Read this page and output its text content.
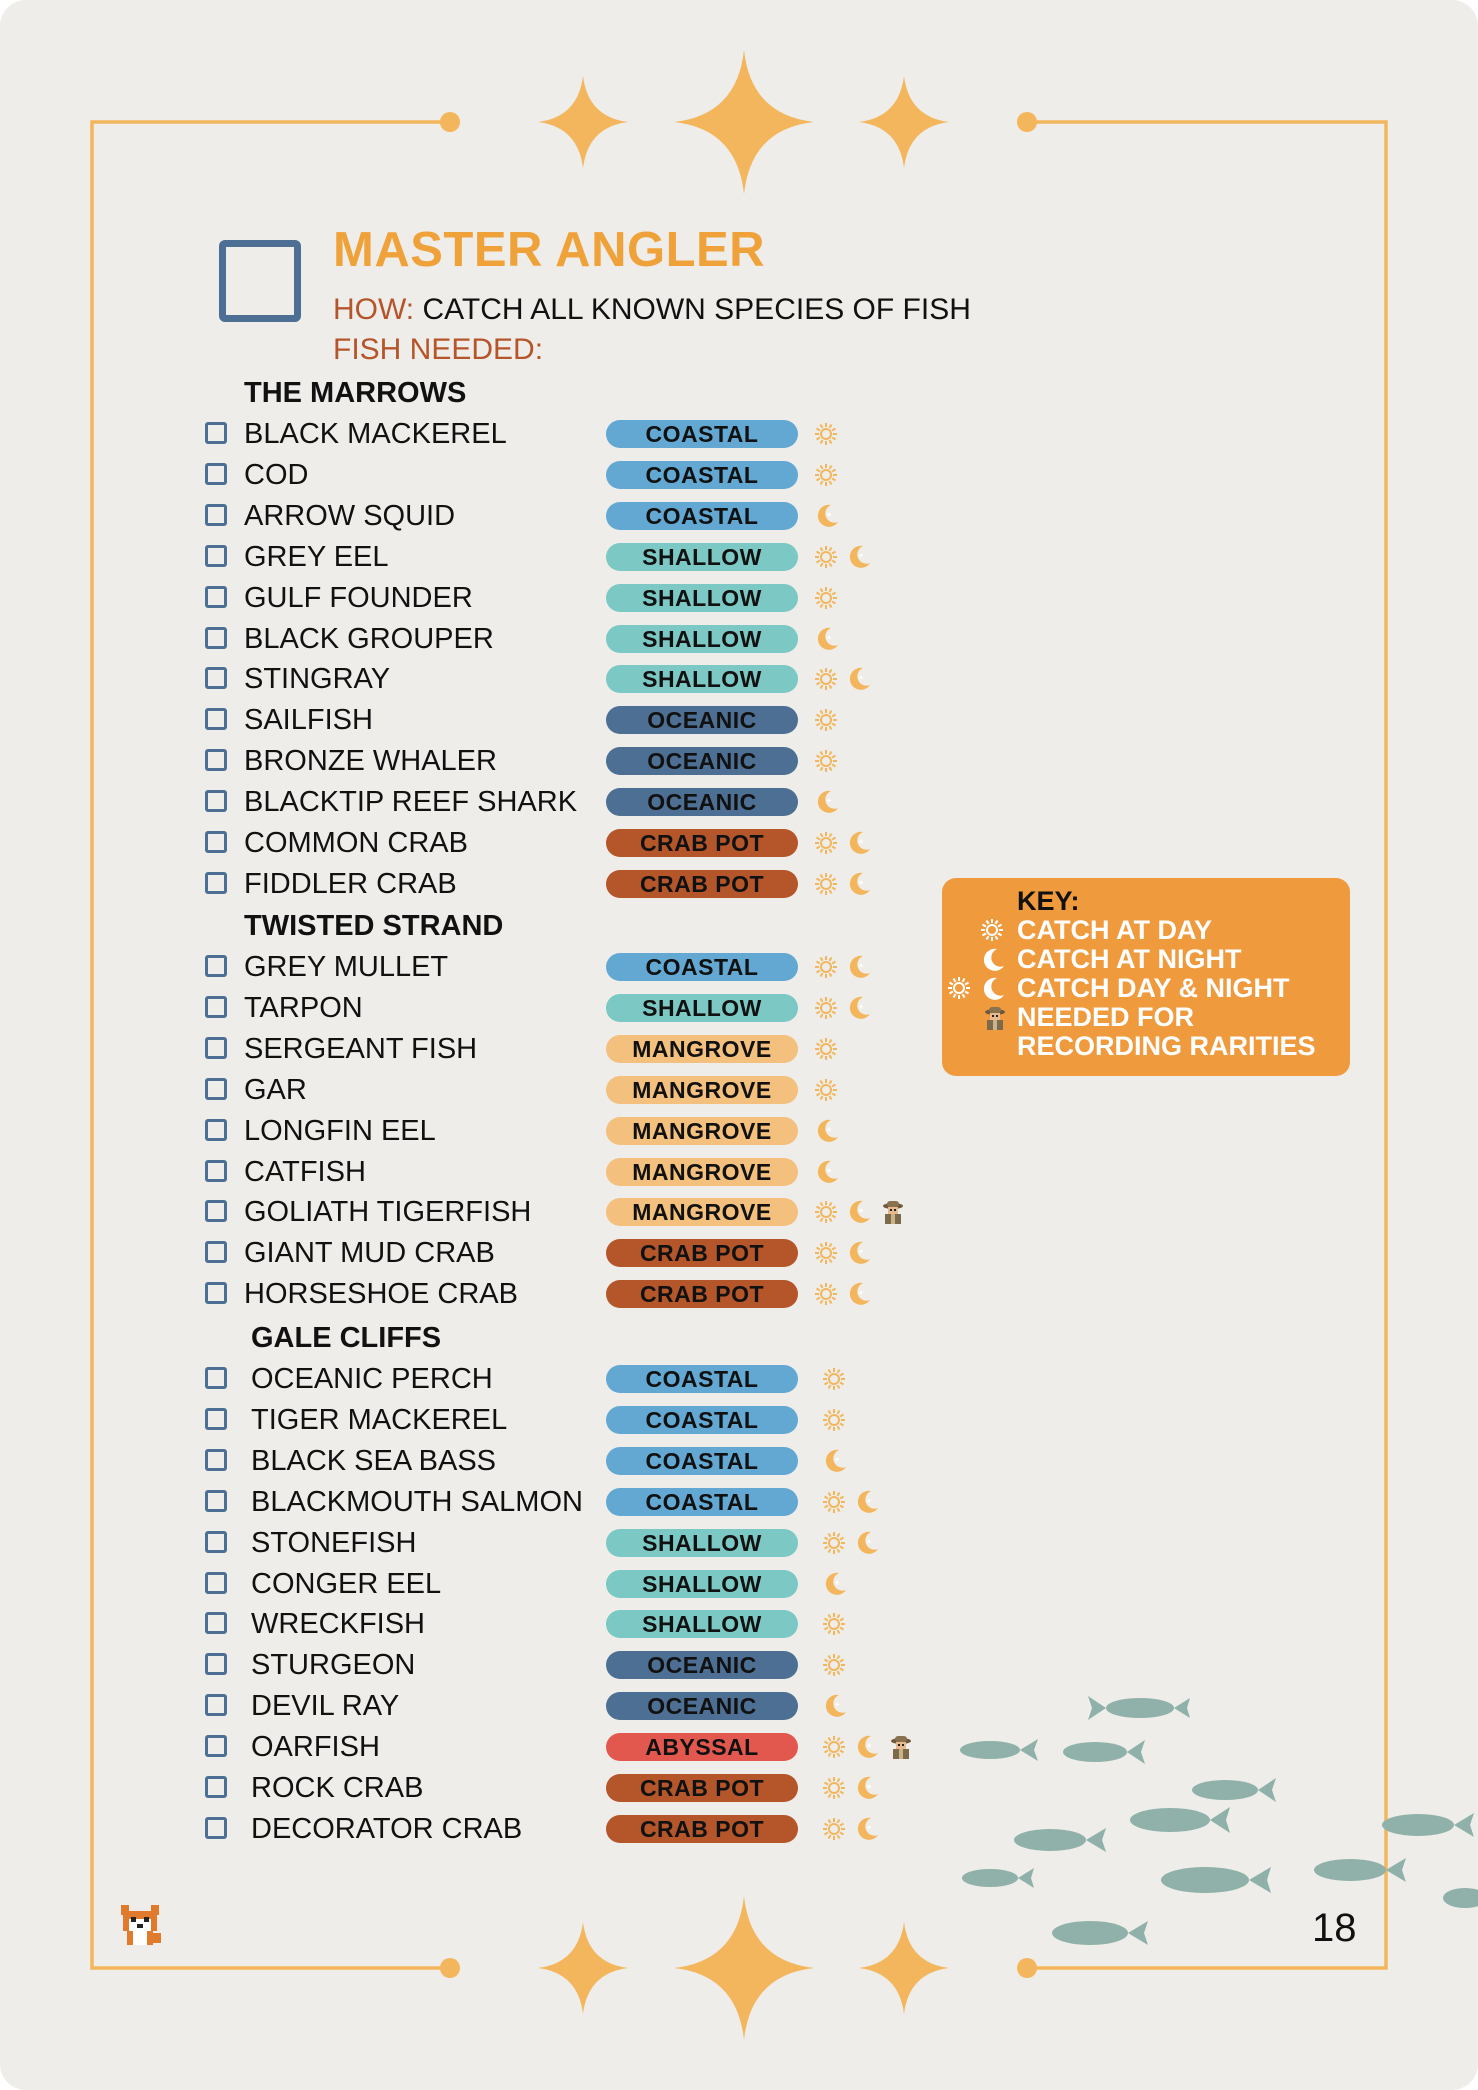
MASTER ANGLER
HOW: CATCH ALL KNOWN SPECIES OF FISH
FISH NEEDED:
THE MARROWS
BLACK MACKEREL	COASTAL
COD	COASTAL
ARROW SQUID	COASTAL
GREY EEL	SHALLOW
GULF FOUNDER	SHALLOW
BLACK GROUPER	SHALLOW
STINGRAY	SHALLOW
SAILFISH	OCEANIC
BRONZE WHALER	OCEANIC
BLACKTIP REEF SHARK	OCEANIC
COMMON CRAB	CRAB POT
FIDDLER CRAB	CRAB POT
TWISTED STRAND
GREY MULLET	COASTAL
TARPON	SHALLOW
SERGEANT FISH	MANGROVE
GAR	MANGROVE
LONGFIN EEL	MANGROVE
CATFISH	MANGROVE
GOLIATH TIGERFISH	MANGROVE
GIANT MUD CRAB	CRAB POT
HORSESHOE CRAB	CRAB POT
GALE CLIFFS
OCEANIC PERCH	COASTAL
TIGER MACKEREL	COASTAL
BLACK SEA BASS	COASTAL
BLACKMOUTH SALMON	COASTAL
STONEFISH	SHALLOW
CONGER EEL	SHALLOW
WRECKFISH	SHALLOW
STURGEON	OCEANIC
DEVIL RAY	OCEANIC
OARFISH	ABYSSAL
ROCK CRAB	CRAB POT
DECORATOR CRAB	CRAB POT
KEY:
CATCH AT DAY
CATCH AT NIGHT
CATCH DAY & NIGHT
NEEDED FOR
RECORDING RARITIES
18
